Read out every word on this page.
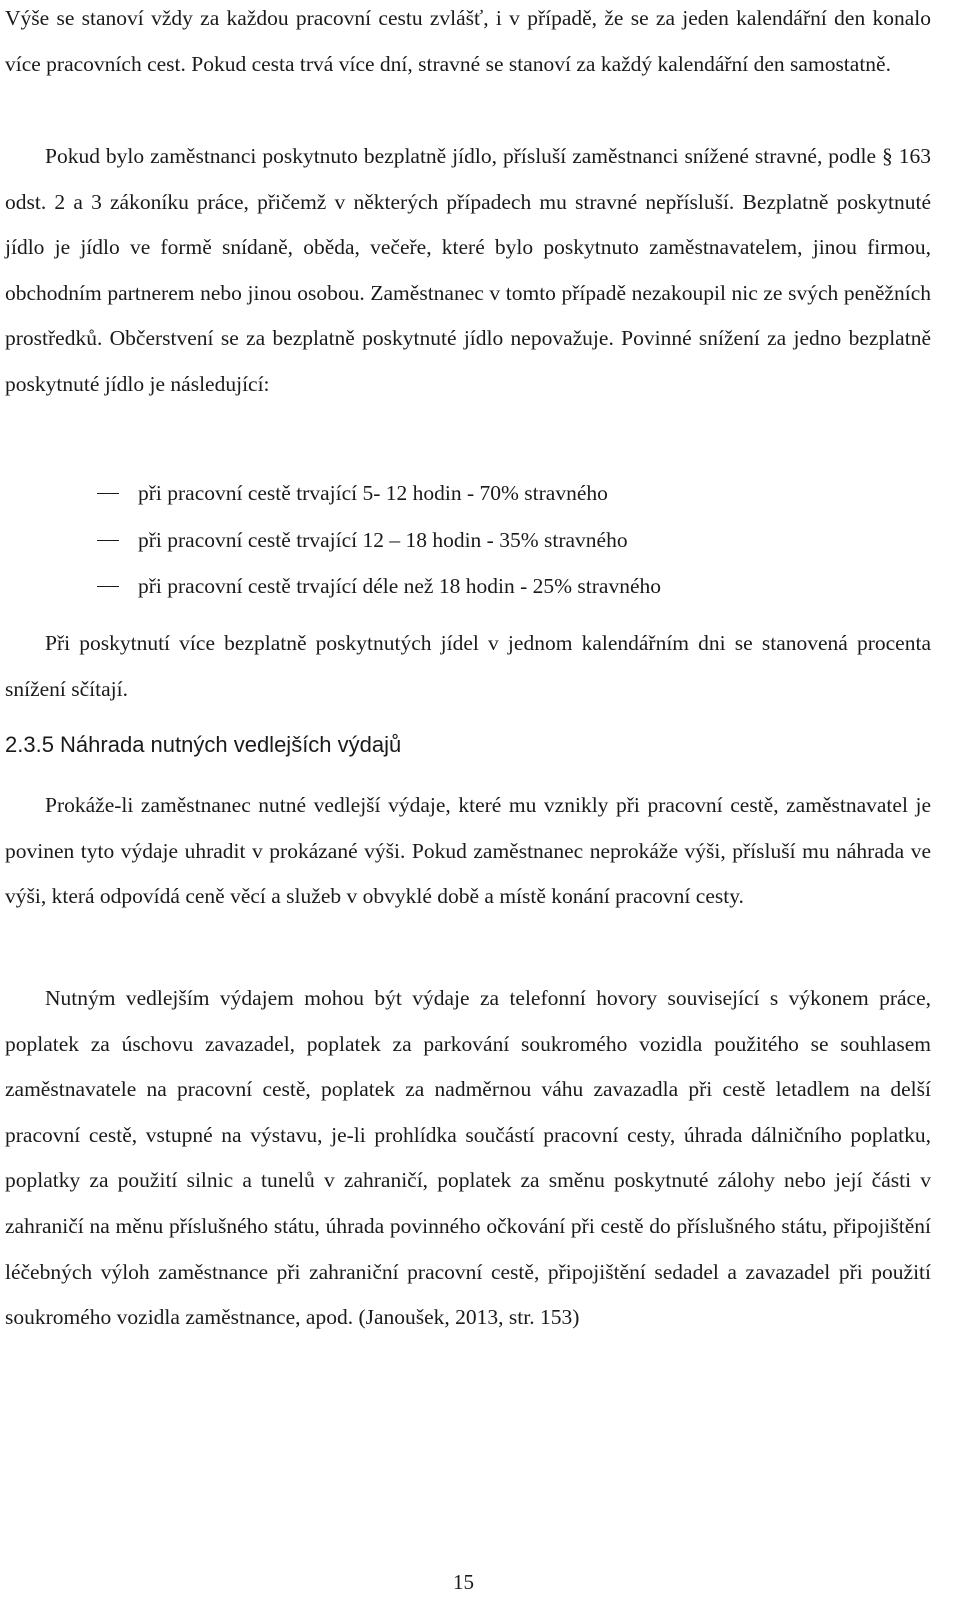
Výše se stanoví vždy za každou pracovní cestu zvlášť, i v případě, že se za jeden kalendářní den konalo více pracovních cest. Pokud cesta trvá více dní, stravné se stanoví za každý kalendářní den samostatně.

Pokud bylo zaměstnanci poskytnuto bezplatně jídlo, přísluší zaměstnanci snížené stravné, podle § 163 odst. 2 a 3 zákoníku práce, přičemž v některých případech mu stravné nepřísluší. Bezplatně poskytnuté jídlo je jídlo ve formě snídaně, oběda, večeře, které bylo poskytnuto zaměstnavatelem, jinou firmou, obchodním partnerem nebo jinou osobou. Zaměstnanec v tomto případě nezakoupil nic ze svých peněžních prostředků. Občerstvení se za bezplatně poskytnuté jídlo nepovažuje. Povinné snížení za jedno bezplatně poskytnuté jídlo je následující:

při pracovní cestě trvající 5- 12 hodin - 70% stravného
při pracovní cestě trvající 12 – 18 hodin - 35% stravného
při pracovní cestě trvající déle než 18 hodin - 25% stravného

Při poskytnutí více bezplatně poskytnutých jídel v jednom kalendářním dni se stanovená procenta snížení sčítají.

2.3.5 Náhrada nutných vedlejších výdajů

Prokáže-li zaměstnanec nutné vedlejší výdaje, které mu vznikly při pracovní cestě, zaměstnavatel je povinen tyto výdaje uhradit v prokázané výši. Pokud zaměstnanec neprokáže výši, přísluší mu náhrada ve výši, která odpovídá ceně věcí a služeb v obvyklé době a místě konání pracovní cesty.

Nutným vedlejším výdajem mohou být výdaje za telefonní hovory související s výkonem práce, poplatek za úschovu zavazadel, poplatek za parkování soukromého vozidla použitého se souhlasem zaměstnavatele na pracovní cestě, poplatek za nadměrnou váhu zavazadla při cestě letadlem na delší pracovní cestě, vstupné na výstavu, je-li prohlídka součástí pracovní cesty, úhrada dálničního poplatku, poplatky za použití silnic a tunelů v zahraničí, poplatek za směnu poskytnuté zálohy nebo její části v zahraničí na měnu příslušného státu, úhrada povinného očkování při cestě do příslušného státu, připojištění léčebných výloh zaměstnance při zahraniční pracovní cestě, připojištění sedadel a zavazadel při použití soukromého vozidla zaměstnance, apod. (Janoušek, 2013, str. 153)

15
